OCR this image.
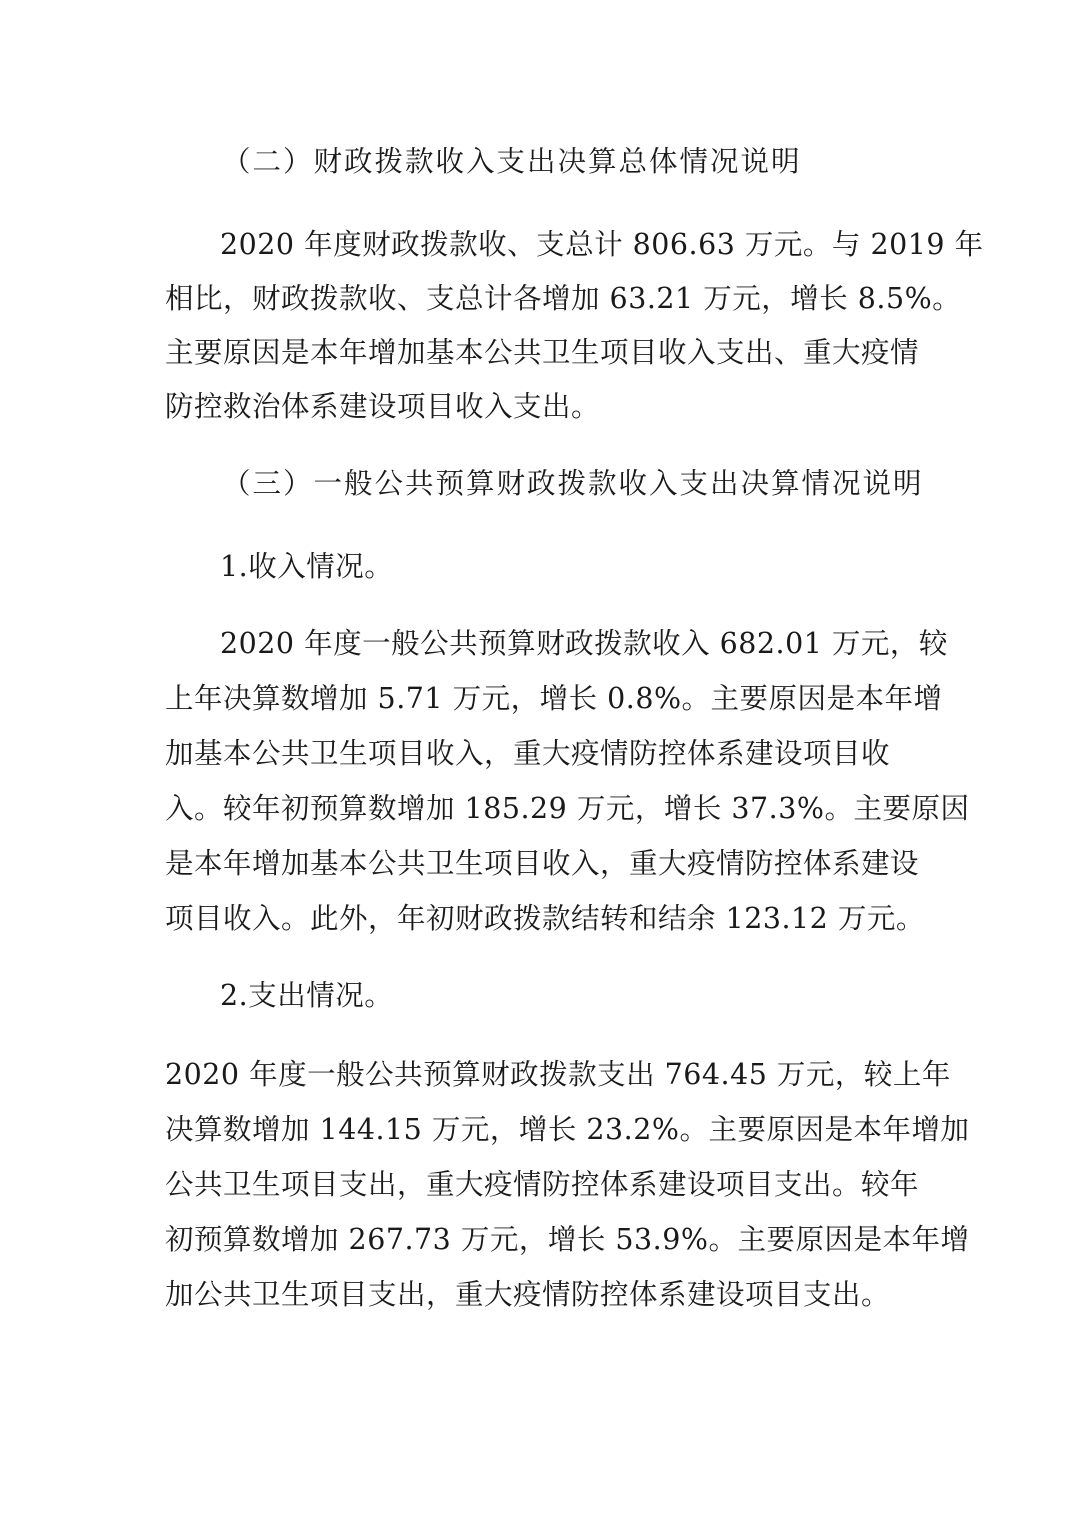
（二）财政拨款收入支出决算总体情况说明
2020 年度财政拨款收、支总计 806.63 万元。与 2019 年
相比，财政拨款收、支总计各增加 63.21 万元，增长 8.5%。
主要原因是本年增加基本公共卫生项目收入支出、重大疫情
防控救治体系建设项目收入支出。
（三）一般公共预算财政拨款收入支出决算情况说明
1.收入情况。
2020 年度一般公共预算财政拨款收入 682.01 万元，较
上年决算数增加 5.71 万元，增长 0.8%。主要原因是本年增
加基本公共卫生项目收入，重大疫情防控体系建设项目收
入。较年初预算数增加 185.29 万元，增长 37.3%。主要原因
是本年增加基本公共卫生项目收入，重大疫情防控体系建设
项目收入。此外，年初财政拨款结转和结余 123.12 万元。
2.支出情况。
2020 年度一般公共预算财政拨款支出 764.45 万元，较上年
决算数增加 144.15 万元，增长 23.2%。主要原因是本年增加
公共卫生项目支出，重大疫情防控体系建设项目支出。较年
初预算数增加 267.73 万元，增长 53.9%。主要原因是本年增
加公共卫生项目支出，重大疫情防控体系建设项目支出。
